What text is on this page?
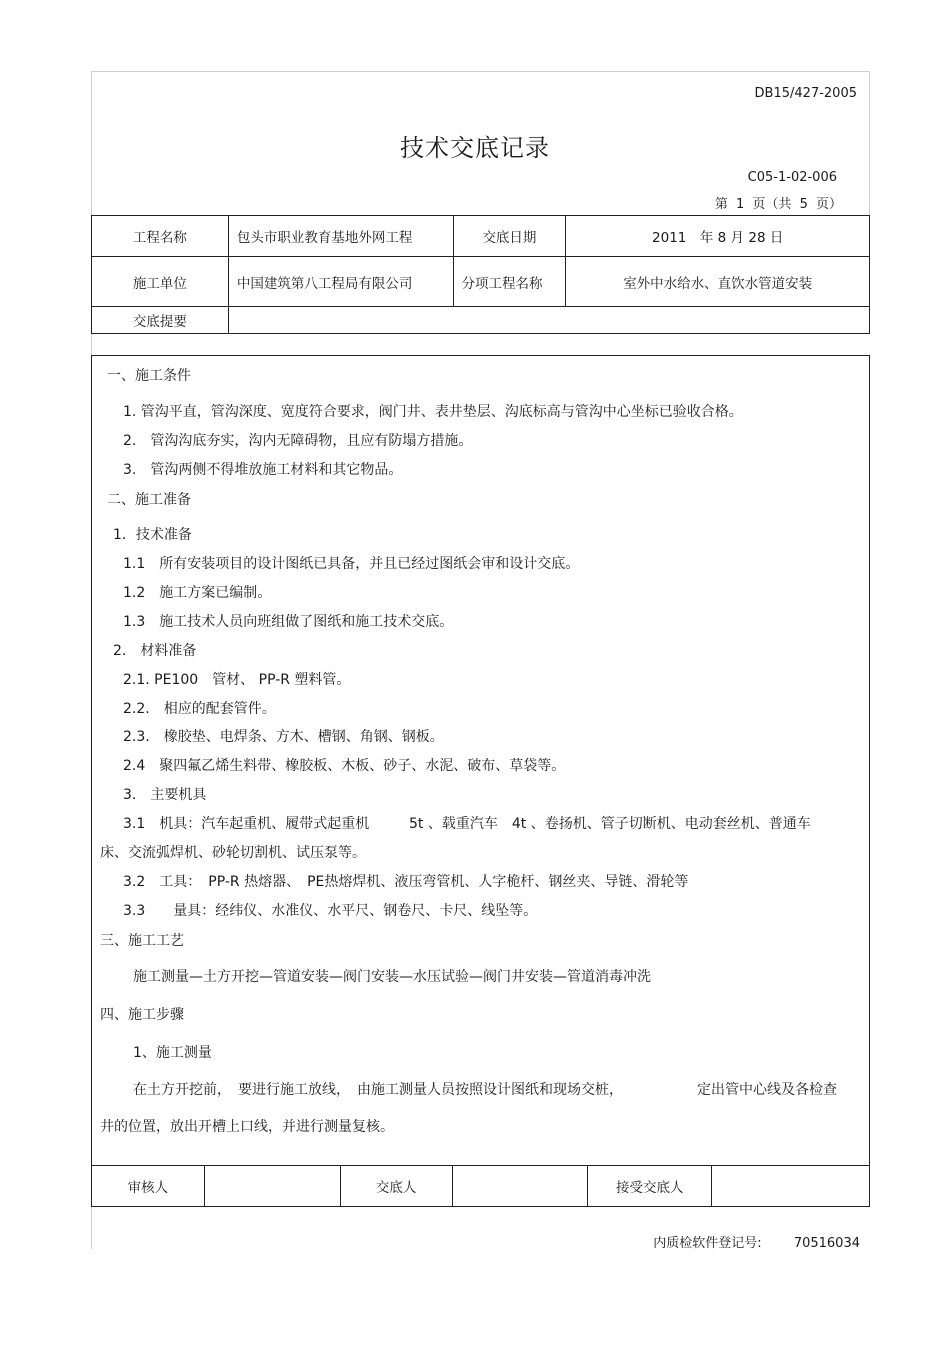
DB15/427-2005
技术交底记录
C05-1-02-006
第 1 页（共 5 页）
工程名称	包头市职业教育基地外网工程	交底日期	2011　年 8 月 28 日
施工单位	中国建筑第八工程局有限公司	分项工程名称	室外中水给水、直饮水管道安装
交底提要			
一、施工条件
1. 管沟平直，管沟深度、宽度符合要求，阀门井、表井垫层、沟底标高与管沟中心坐标已验收合格。
2.　管沟沟底夯实，沟内无障碍物，且应有防塌方措施。
3.　管沟两侧不得堆放施工材料和其它物品。
二、施工准备
1．技术准备
1.1　所有安装项目的设计图纸已具备，并且已经过图纸会审和设计交底。
1.2　施工方案已编制。
1.3　施工技术人员向班组做了图纸和施工技术交底。
2.　材料准备
2.1. PE100　管材、 PP-R 塑料管。
2.2.　相应的配套管件。
2.3.　橡胶垫、电焊条、方木、槽钢、角钢、钢板。
2.4　聚四氟乙烯生料带、橡胶板、木板、砂子、水泥、破布、草袋等。
3.　主要机具
3.1　机具：汽车起重机、履带式起重机	5t 、载重汽车　4t 、卷扬机、管子切断机、电动套丝机、普通车
床、交流弧焊机、砂轮切割机、试压泵等。
3.2　工具：　PP-R 热熔器、　PE热熔焊机、液压弯管机、人字桅杆、钢丝夹、导链、滑轮等
3.3　　量具：经纬仪、水准仪、水平尺、钢卷尺、卡尺、线坠等。
三、施工工艺
施工测量—土方开挖—管道安装—阀门安装—水压试验—阀门井安装—管道消毒冲洗
四、施工步骤
1、施工测量
在土方开挖前，　要进行施工放线，　由施工测量人员按照设计图纸和现场交桩，	定出管中心线及各检查
井的位置，放出开槽上口线，并进行测量复核。
审核人		交底人		接受交底人	
内质检软件登记号: 70516034
